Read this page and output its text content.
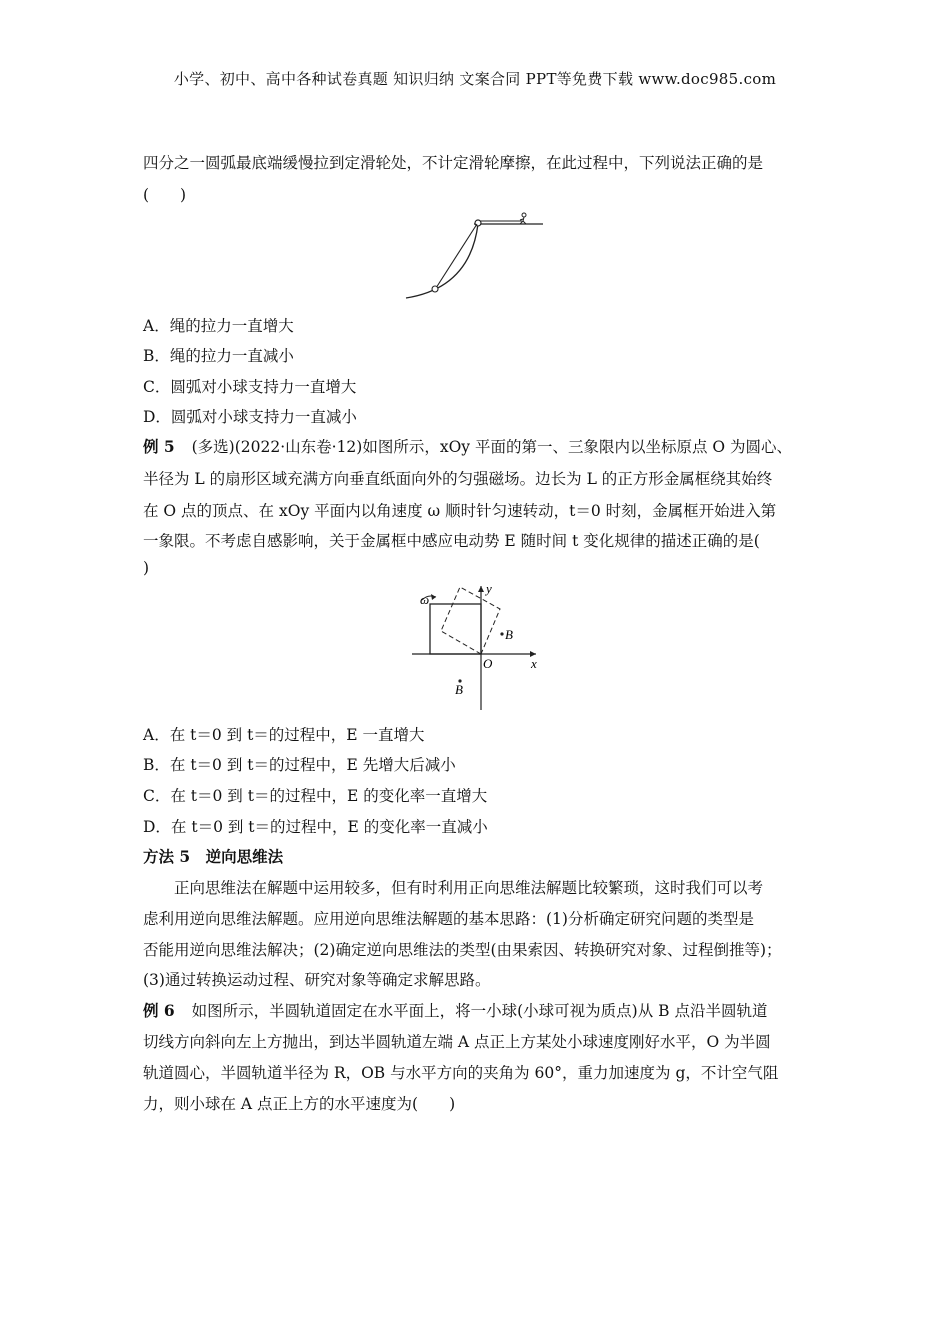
小学、初中、高中各种试卷真题 知识归纳 文案合同 PPT等免费下载 www.doc985.com
四分之一圆弧最底端缓慢拉到定滑轮处，不计定滑轮摩擦，在此过程中，下列说法正确的是
(　　)
A．绳的拉力一直增大
B．绳的拉力一直减小
C．圆弧对小球支持力一直增大
D．圆弧对小球支持力一直减小
例 5 (多选)(2022·山东卷·12)如图所示，xOy 平面的第一、三象限内以坐标原点 O 为圆心、
半径为 L 的扇形区域充满方向垂直纸面向外的匀强磁场。边长为 L 的正方形金属框绕其始终
在 O 点的顶点、在 xOy 平面内以角速度 ω 顺时针匀速转动，t＝0 时刻，金属框开始进入第
一象限。不考虑自感影响，关于金属框中感应电动势 E 随时间 t 变化规律的描述正确的是(
)
ω
y
x
O
B
B
A．在 t＝0 到 t＝的过程中，E 一直增大
B．在 t＝0 到 t＝的过程中，E 先增大后减小
C．在 t＝0 到 t＝的过程中，E 的变化率一直增大
D．在 t＝0 到 t＝的过程中，E 的变化率一直减小
方法 5　逆向思维法
正向思维法在解题中运用较多，但有时利用正向思维法解题比较繁琐，这时我们可以考
虑利用逆向思维法解题。应用逆向思维法解题的基本思路：(1)分析确定研究问题的类型是
否能用逆向思维法解决；(2)确定逆向思维法的类型(由果索因、转换研究对象、过程倒推等)；
(3)通过转换运动过程、研究对象等确定求解思路。
例 6 如图所示，半圆轨道固定在水平面上，将一小球(小球可视为质点)从 B 点沿半圆轨道
切线方向斜向左上方抛出，到达半圆轨道左端 A 点正上方某处小球速度刚好水平，O 为半圆
轨道圆心，半圆轨道半径为 R，OB 与水平方向的夹角为 60°，重力加速度为 g，不计空气阻
力，则小球在 A 点正上方的水平速度为(　　)
